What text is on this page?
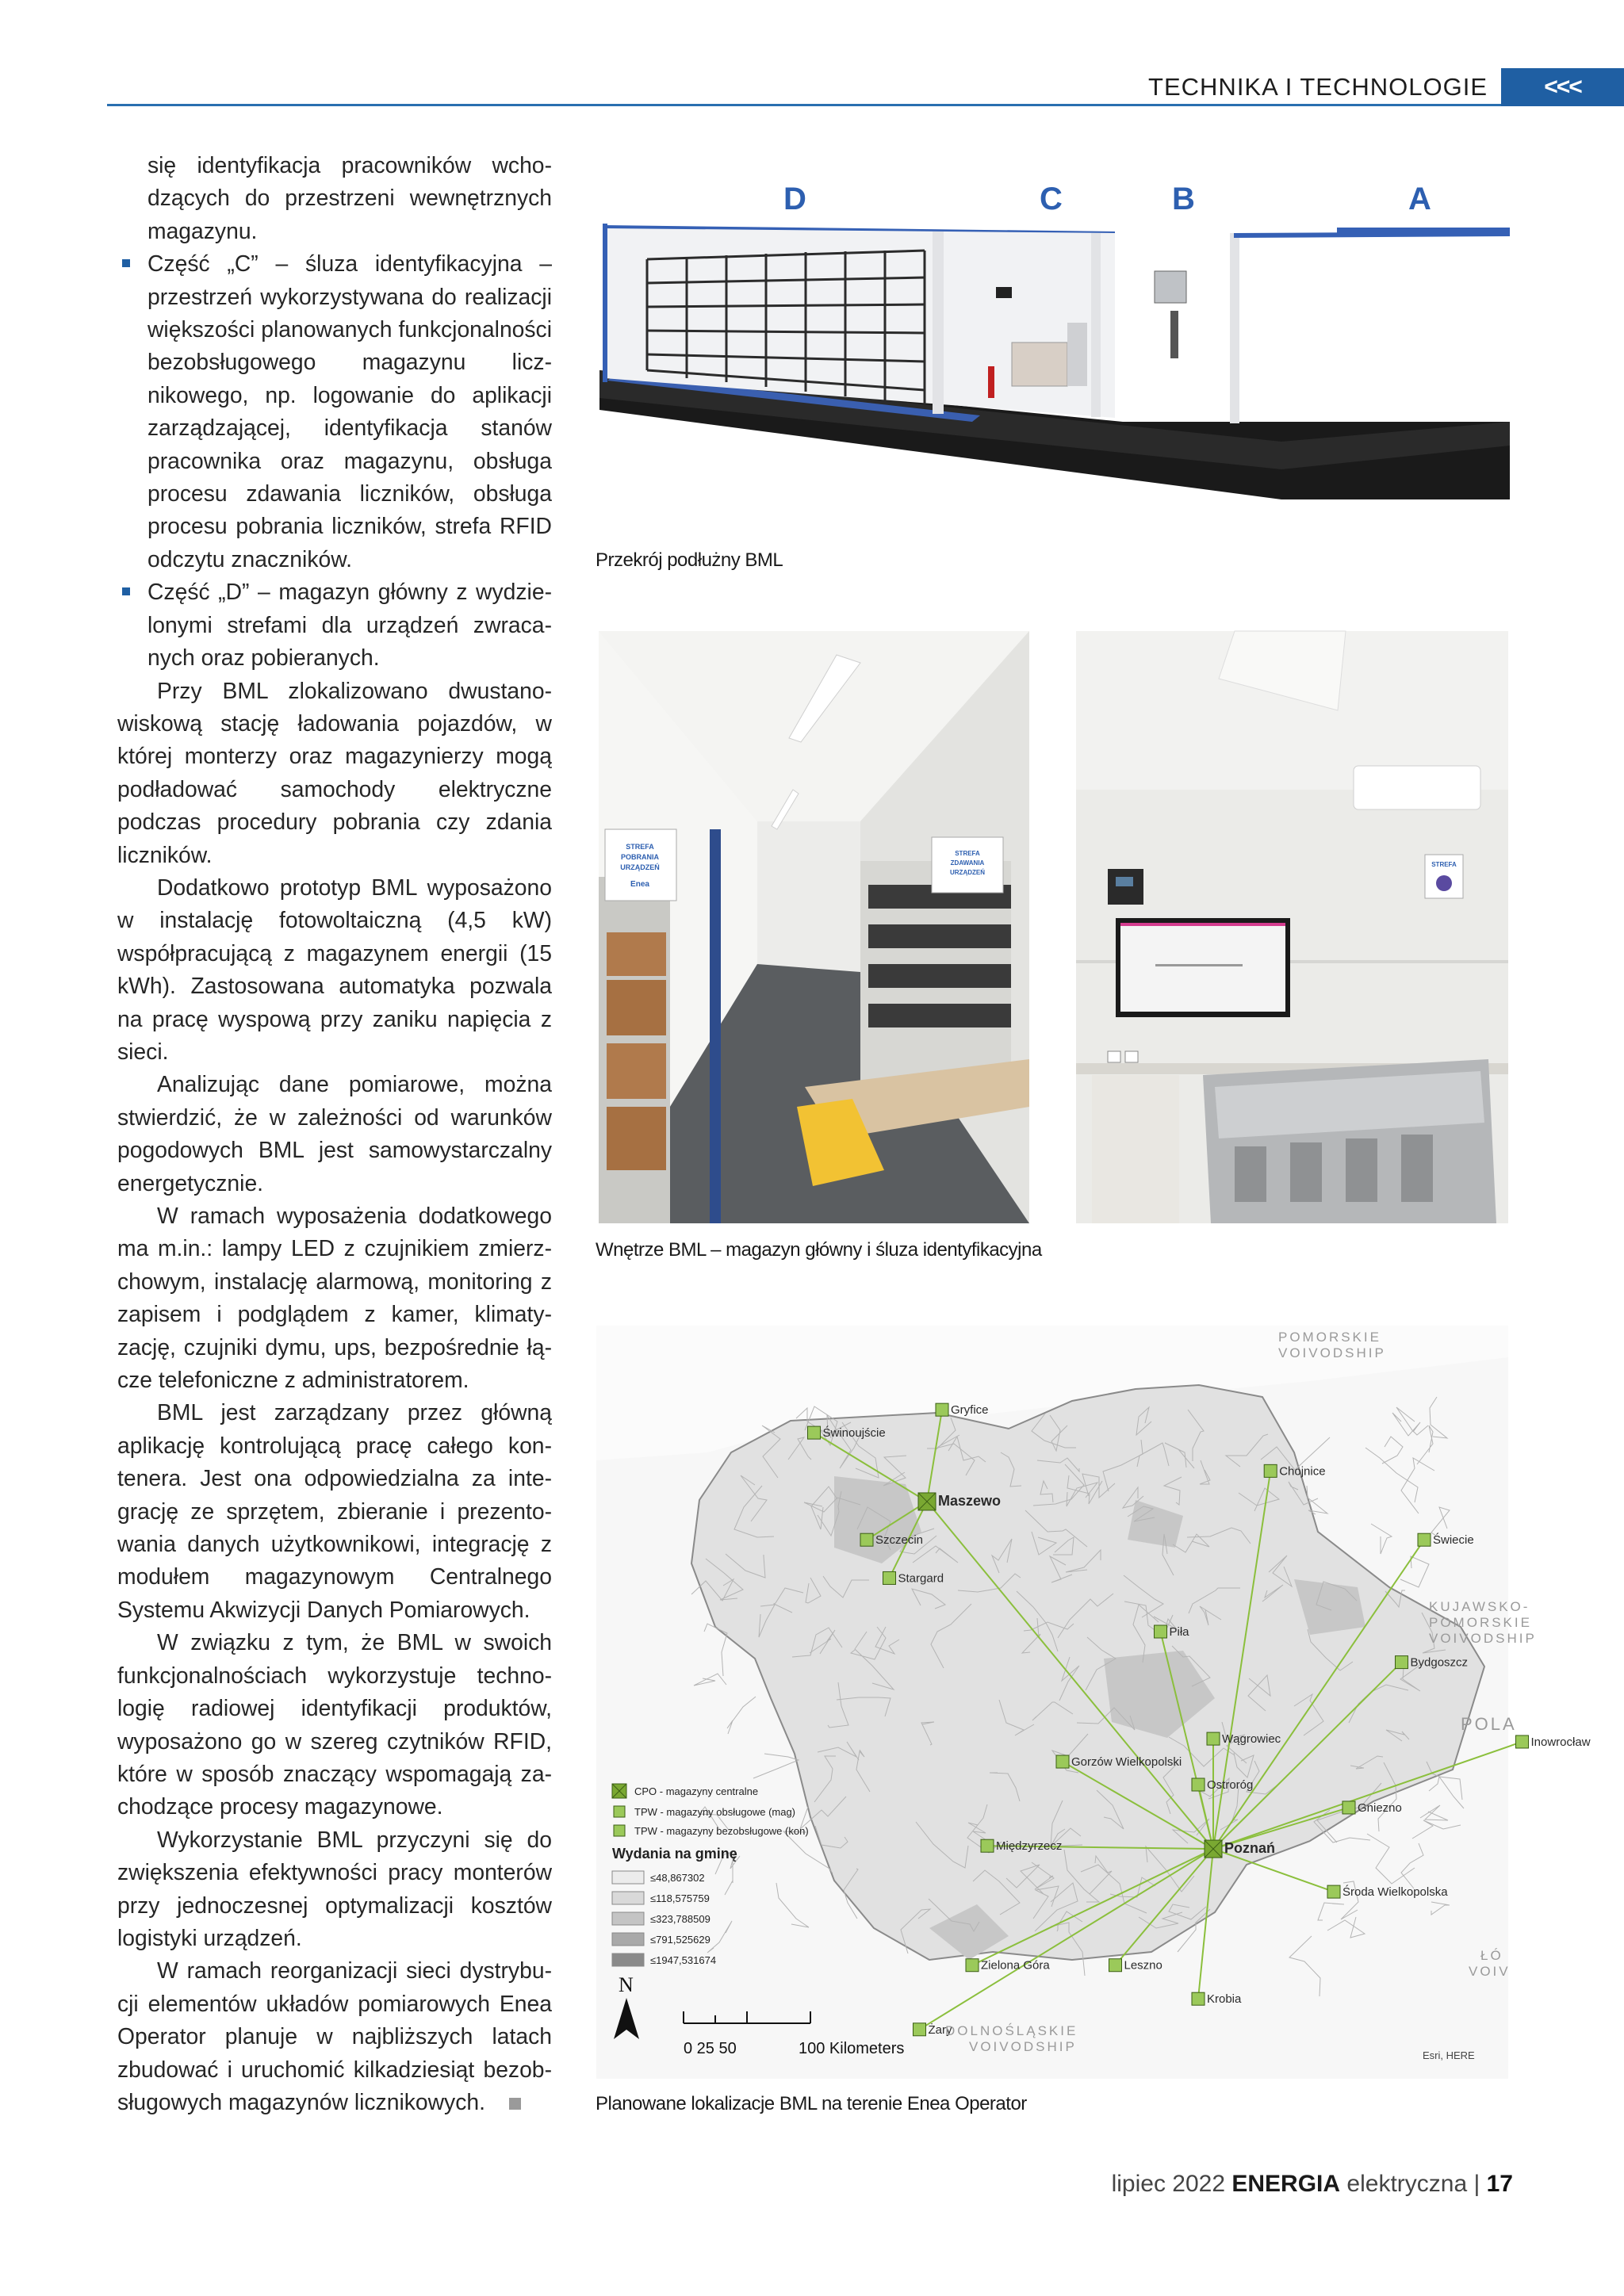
TECHNIKA I TECHNOLOGIE	<<<

się identyfikacja pracowników wchodzących do przestrzeni wewnętrznych magazynu.

Część „C” – śluza identyfikacyjna – przestrzeń wykorzystywana do realizacji większości planowanych funkcjonalności bezobsługowego magazynu licznikowego, np. logowanie do aplikacji zarządzającej, identyfikacja stanów pracownika oraz magazynu, obsługa procesu zdawania liczników, obsługa procesu pobrania liczników, strefa RFID odczytu znaczników.
Część „D” – magazyn główny z wydzielonymi strefami dla urządzeń zwracanych oraz pobieranych.

Przy BML zlokalizowano dwustanowiskową stację ładowania pojazdów, w której monterzy oraz magazynierzy mogą podładować samochody elektryczne podczas procedury pobrania czy zdania liczników.

Dodatkowo prototyp BML wyposażono w instalację fotowoltaiczną (4,5 kW) współpracującą z magazynem energii (15 kWh). Zastosowana automatyka pozwala na pracę wyspową przy zaniku napięcia z sieci.

Analizując dane pomiarowe, można stwierdzić, że w zależności od warunków pogodowych BML jest samowystarczalny energetycznie.

W ramach wyposażenia dodatkowego ma m.in.: lampy LED z czujnikiem zmierzchowym, instalację alarmową, monitoring z zapisem i podglądem z kamer, klimatyzację, czujniki dymu, ups, bezpośrednie łącze telefoniczne z administratorem.

BML jest zarządzany przez główną aplikację kontrolującą pracę całego kontenera. Jest ona odpowiedzialna za integrację ze sprzętem, zbieranie i prezentowania danych użytkownikowi, integrację z modułem magazynowym Centralnego Systemu Akwizycji Danych Pomiarowych.

W związku z tym, że BML w swoich funkcjonalnościach wykorzystuje technologię radiowej identyfikacji produktów, wyposażono go w szereg czytników RFID, które w sposób znaczący wspomagają zachodzące procesy magazynowe.

Wykorzystanie BML przyczyni się do zwiększenia efektywności pracy monterów przy jednoczesnej optymalizacji kosztów logistyki urządzeń.

W ramach reorganizacji sieci dystrybucji elementów układów pomiarowych Enea Operator planuje w najbliższych latach zbudować i uruchomić kilkadziesiąt bezobsługowych magazynów licznikowych.

D	C	B	A
Przekrój podłużny BML
STREFA
POBRANIA
URZĄDZEŃ
Enea
STREFA
ZDAWANIA
URZĄDZEŃ
STREFA
Wnętrze BML – magazyn główny i śluza identyfikacyjna
Świnoujście
Gryfice
Chojnice
Maszewo
Szczecin	Świecie
Stargard
Piła
Bydgoszcz
Wągrowiec	Inowrocław
Gorzów Wielkopolski
Ostroróg
Gniezno
Poznań
Międzyrzecz
Środa Wielkopolska
Zielona Góra	Leszno
Krobia
Żary
POMORSKIE
VOIVODSHIP
KUJAWSKO-
POMORSKIE
VOIVODSHIP
POLA
DOLNOŚLĄSKIE
VOIVODSHIP
ŁÓ
VOIV
CPO - magazyny centralne
TPW - magazyny obsługowe (mag)
TPW - magazyny bezobsługowe (kon)
Wydania na gminę
≤48,867302
≤118,575759
≤323,788509
≤791,525629
≤1947,531674
N
0 25 50	100 Kilometers	Esri, HERE
Planowane lokalizacje BML na terenie Enea Operator
lipiec 2022 ENERGIA elektryczna | 17
